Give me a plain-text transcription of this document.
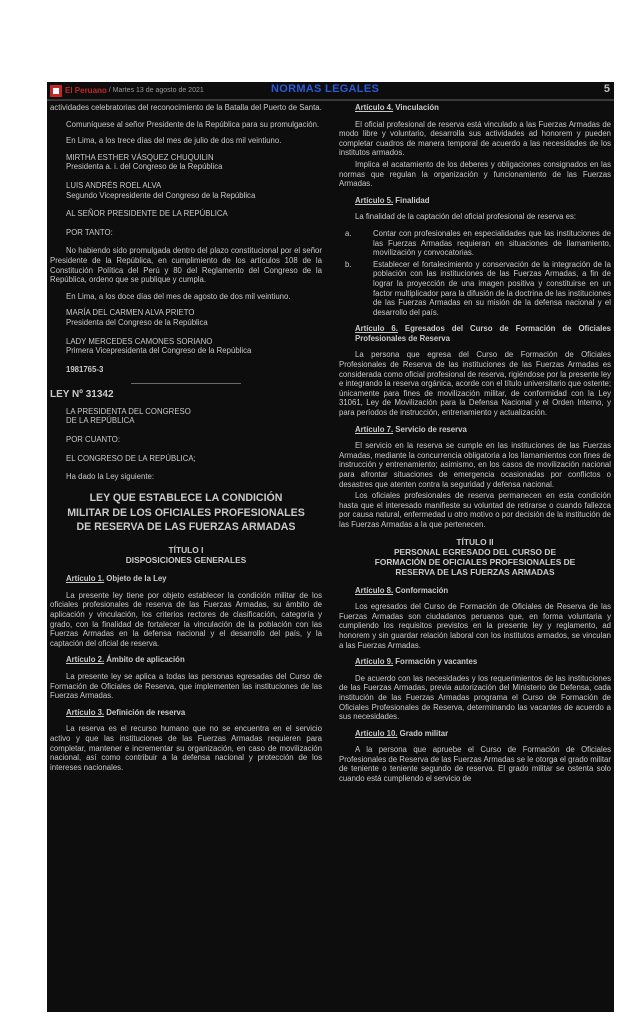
El Peruano / Martes 13 de agosto de 2021	NORMAS LEGALES	5

actividades celebratorias del reconocimiento de la Batalla del Puerto de Santa.

Comuníquese al señor Presidente de la República para su promulgación.

En Lima, a los trece días del mes de julio de dos mil veintiuno.

MIRTHA ESTHER VÁSQUEZ CHUQUILIN
Presidenta a. i. del Congreso de la República

LUIS ANDRÉS ROEL ALVA
Segundo Vicepresidente del Congreso de la República

AL SEÑOR PRESIDENTE DE LA REPÚBLICA

POR TANTO:

No habiendo sido promulgada dentro del plazo constitucional por el señor Presidente de la República, en cumplimiento de los artículos 108 de la Constitución Política del Perú y 80 del Reglamento del Congreso de la República, ordeno que se publique y cumpla.

En Lima, a los doce días del mes de agosto de dos mil veintiuno.

MARÍA DEL CARMEN ALVA PRIETO
Presidenta del Congreso de la República

LADY MERCEDES CAMONES SORIANO
Primera Vicepresidenta del Congreso de la República

1981765-3

LEY Nº 31342

LA PRESIDENTA DEL CONGRESO
DE LA REPÚBLICA

POR CUANTO:

EL CONGRESO DE LA REPÚBLICA;

Ha dado la Ley siguiente:

LEY QUE ESTABLECE LA CONDICIÓN
MILITAR DE LOS OFICIALES PROFESIONALES
DE RESERVA DE LAS FUERZAS ARMADAS
TÍTULO I
DISPOSICIONES GENERALES

Artículo 1. Objeto de la Ley

La presente ley tiene por objeto establecer la condición militar de los oficiales profesionales de reserva de las Fuerzas Armadas, su ámbito de aplicación y vinculación, los criterios rectores de clasificación, categoría y grado, con la finalidad de fortalecer la vinculación de la población con las Fuerzas Armadas en la defensa nacional y el desarrollo del país, y la captación del oficial de reserva.

Artículo 2. Ámbito de aplicación

La presente ley se aplica a todas las personas egresadas del Curso de Formación de Oficiales de Reserva, que implementen las instituciones de las Fuerzas Armadas.

Artículo 3. Definición de reserva

La reserva es el recurso humano que no se encuentra en el servicio activo y que las instituciones de las Fuerzas Armadas requieren para completar, mantener e incrementar su organización, en caso de movilización nacional, así como contribuir a la defensa nacional y protección de los intereses nacionales.

Artículo 4. Vinculación

El oficial profesional de reserva está vinculado a las Fuerzas Armadas de modo libre y voluntario, desarrolla sus actividades ad honorem y pueden completar cuadros de manera temporal de acuerdo a las necesidades de los institutos armados.

Implica el acatamiento de los deberes y obligaciones consignados en las normas que regulan la organización y funcionamiento de las Fuerzas Armadas.

Artículo 5. Finalidad

La finalidad de la captación del oficial profesional de reserva es:

a.	Contar con profesionales en especialidades que las instituciones de las Fuerzas Armadas requieran en situaciones de llamamiento, movilización y convocatorias.
b.	Establecer el fortalecimiento y conservación de la integración de la población con las instituciones de las Fuerzas Armadas, a fin de lograr la proyección de una imagen positiva y constituirse en un factor multiplicador para la difusión de la doctrina de las instituciones de las Fuerzas Armadas en su misión de la defensa nacional y el desarrollo del país.

Artículo 6. Egresados del Curso de Formación de Oficiales Profesionales de Reserva

La persona que egresa del Curso de Formación de Oficiales Profesionales de Reserva de las instituciones de las Fuerzas Armadas es considerada como oficial profesional de reserva, rigiéndose por la presente ley e integrando la reserva orgánica, acorde con el título universitario que ostente; únicamente para fines de movilización militar, de conformidad con la Ley 31061, Ley de Movilización para la Defensa Nacional y el Orden Interno, y para períodos de instrucción, entrenamiento y actualización.

Artículo 7. Servicio de reserva

El servicio en la reserva se cumple en las instituciones de las Fuerzas Armadas, mediante la concurrencia obligatoria a los llamamientos con fines de instrucción y entrenamiento; asimismo, en los casos de movilización nacional para afrontar situaciones de emergencia ocasionadas por conflictos o desastres que atenten contra la seguridad y defensa nacional.

Los oficiales profesionales de reserva permanecen en esta condición hasta que el interesado manifieste su voluntad de retirarse o cuando fallezca por causa natural, enfermedad u otro motivo o por decisión de la institución de las Fuerzas Armadas a la que pertenecen.

TÍTULO II
PERSONAL EGRESADO DEL CURSO DE
FORMACIÓN DE OFICIALES PROFESIONALES DE
RESERVA DE LAS FUERZAS ARMADAS

Artículo 8. Conformación

Los egresados del Curso de Formación de Oficiales de Reserva de las Fuerzas Armadas son ciudadanos peruanos que, en forma voluntaria y cumpliendo los requisitos previstos en la presente ley y reglamento, ad honorem y sin guardar relación laboral con los institutos armados, se vinculan a las Fuerzas Armadas.

Artículo 9. Formación y vacantes

De acuerdo con las necesidades y los requerimientos de las instituciones de las Fuerzas Armadas, previa autorización del Ministerio de Defensa, cada institución de las Fuerzas Armadas programa el Curso de Formación de Oficiales Profesionales de Reserva, determinando las vacantes de acuerdo a sus necesidades.

Artículo 10. Grado militar

A la persona que apruebe el Curso de Formación de Oficiales Profesionales de Reserva de las Fuerzas Armadas se le otorga el grado militar de teniente o teniente segundo de reserva. El grado militar se ostenta solo cuando está cumpliendo el servicio de
